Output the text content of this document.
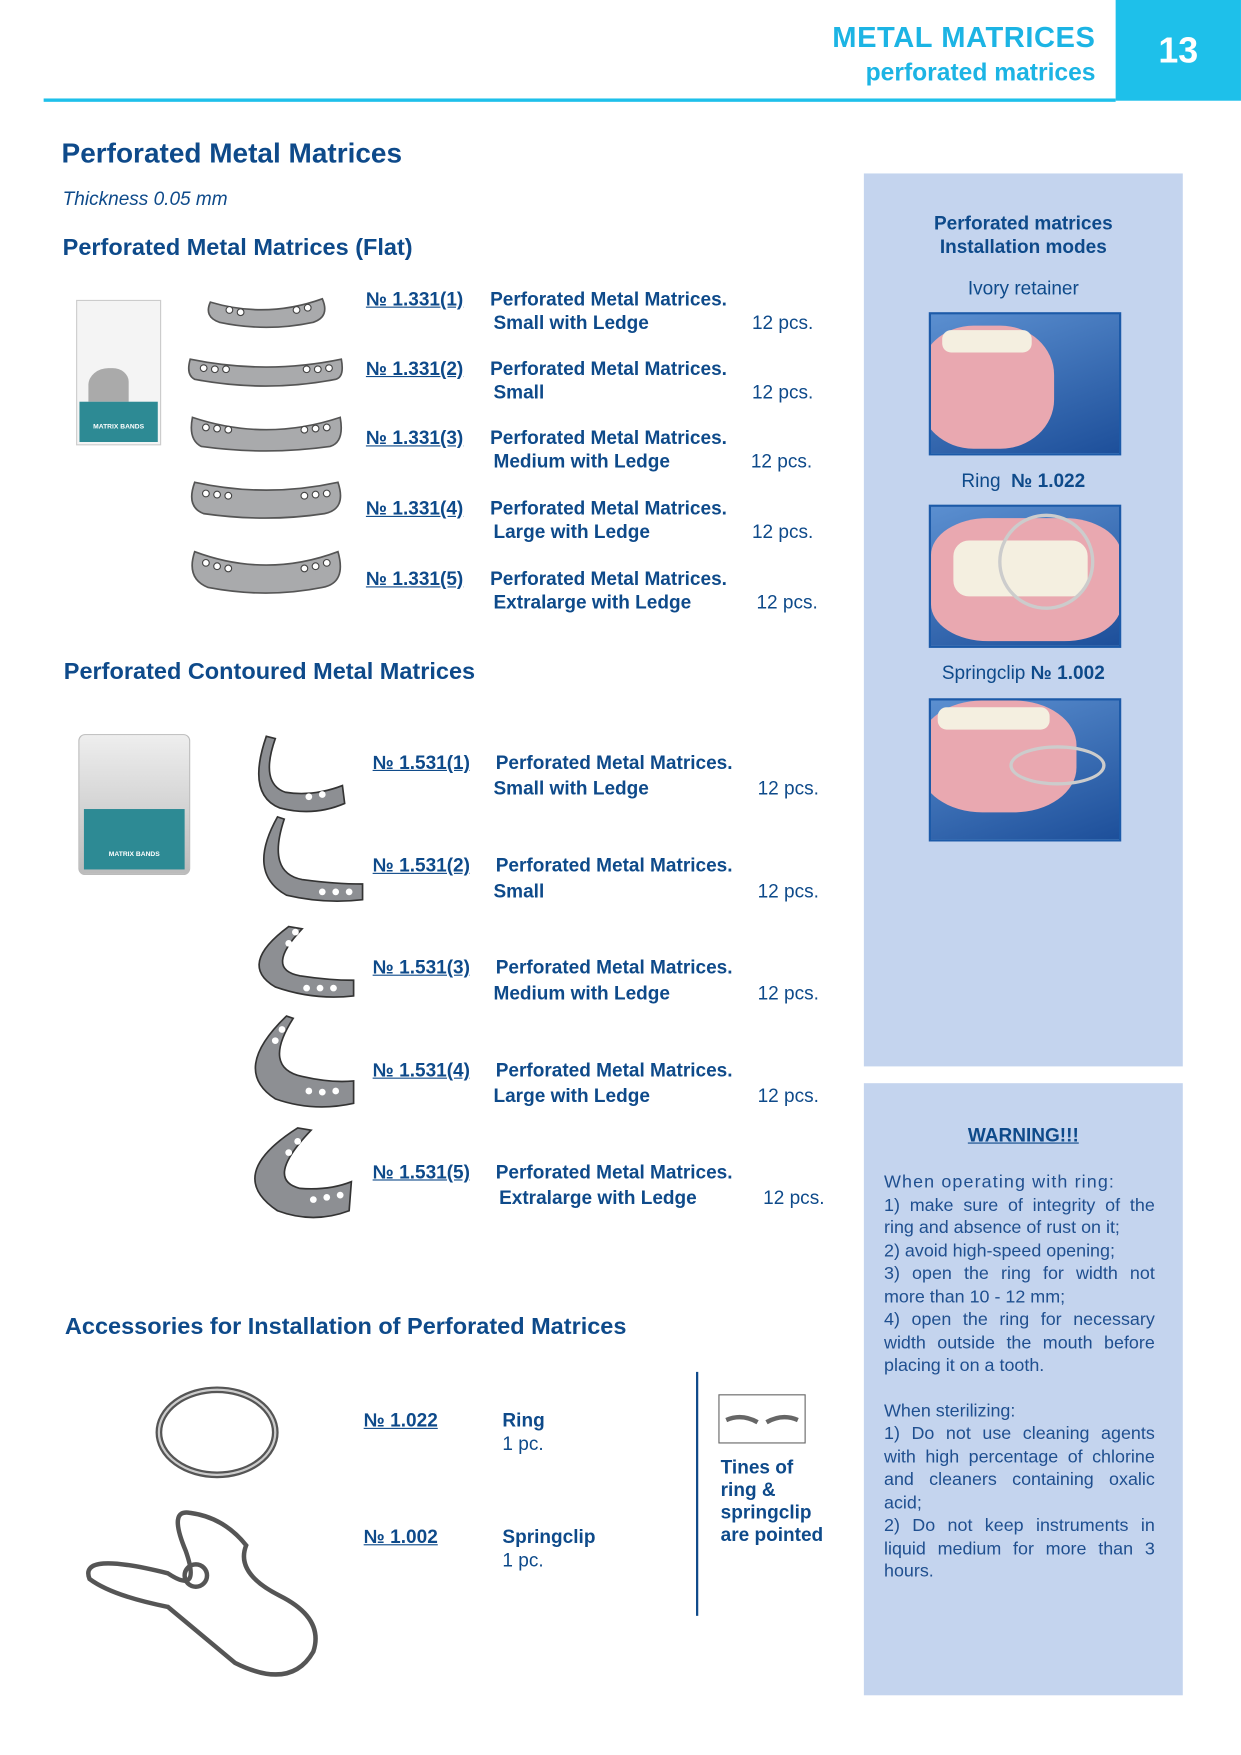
METAL MATRICES
perforated matrices
13
Perforated Metal Matrices
Thickness 0.05 mm
Perforated Metal Matrices (Flat)
MATRIX BANDS
№ 1.331(1) Perforated Metal Matrices.
Small with Ledge	12 pcs.
№ 1.331(2) Perforated Metal Matrices.
Small	12 pcs.
№ 1.331(3) Perforated Metal Matrices.
Medium with Ledge	12 pcs.
№ 1.331(4) Perforated Metal Matrices.
Large with Ledge	12 pcs.
№ 1.331(5) Perforated Metal Matrices.
Extralarge with Ledge	12 pcs.
Perforated Contoured Metal Matrices
MATRIX BANDS
№ 1.531(1) Perforated Metal Matrices.
Small with Ledge	12 pcs.
№ 1.531(2) Perforated Metal Matrices.
Small	12 pcs.
№ 1.531(3) Perforated Metal Matrices.
Medium with Ledge	12 pcs.
№ 1.531(4) Perforated Metal Matrices.
Large with Ledge	12 pcs.
№ 1.531(5) Perforated Metal Matrices.
Extralarge with Ledge	12 pcs.
Accessories for Installation of Perforated Matrices
№ 1.022	Ring
1 pc.
№ 1.002	Springclip
1 pc.
Tines of ring & springclip are pointed
Perforated matrices
Installation modes
Ivory retainer
Ring № 1.022
Springclip № 1.002
WARNING!!!

When operating with ring:

1) make sure of integrity of the ring and absence of rust on it;

2) avoid high-speed opening;

3) open the ring for width not more than 10 - 12 mm;

4) open the ring for necessary width outside the mouth before placing it on a tooth.

When sterilizing:

1) Do not use cleaning agents with high percentage of chlorine and cleaners containing oxalic acid;

2) Do not keep instruments in liquid medium for more than 3 hours.
